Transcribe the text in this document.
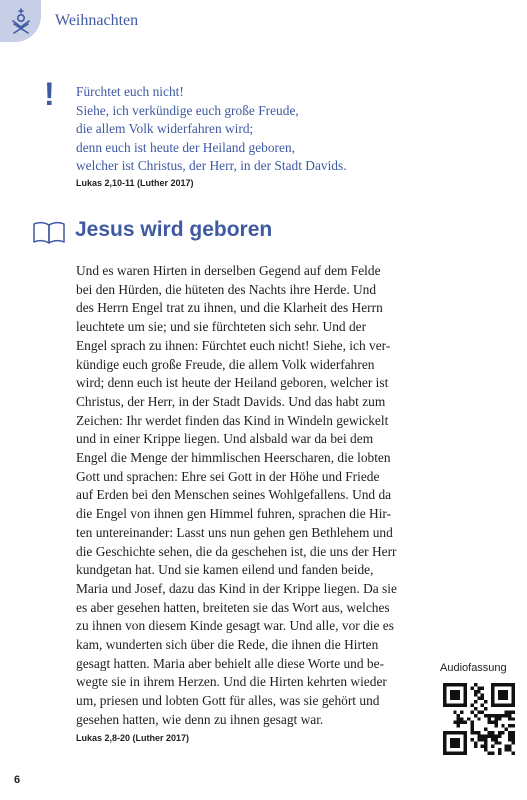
Weihnachten
! Fürchtet euch nicht!
Siehe, ich verkündige euch große Freude,
die allem Volk widerfahren wird;
denn euch ist heute der Heiland geboren,
welcher ist Christus, der Herr, in der Stadt Davids.
Lukas 2,10-11 (Luther 2017)
Jesus wird geboren
Und es waren Hirten in derselben Gegend auf dem Felde
bei den Hürden, die hüteten des Nachts ihre Herde. Und
des Herrn Engel trat zu ihnen, und die Klarheit des Herrn
leuchtete um sie; und sie fürchteten sich sehr. Und der
Engel sprach zu ihnen: Fürchtet euch nicht! Siehe, ich ver-
kündige euch große Freude, die allem Volk widerfahren
wird; denn euch ist heute der Heiland geboren, welcher ist
Christus, der Herr, in der Stadt Davids. Und das habt zum
Zeichen: Ihr werdet finden das Kind in Windeln gewickelt
und in einer Krippe liegen. Und alsbald war da bei dem
Engel die Menge der himmlischen Heerscharen, die lobten
Gott und sprachen: Ehre sei Gott in der Höhe und Friede
auf Erden bei den Menschen seines Wohlgefallens. Und da
die Engel von ihnen gen Himmel fuhren, sprachen die Hir-
ten untereinander: Lasst uns nun gehen gen Bethlehem und
die Geschichte sehen, die da geschehen ist, die uns der Herr
kundgetan hat. Und sie kamen eilend und fanden beide,
Maria und Josef, dazu das Kind in der Krippe liegen. Da sie
es aber gesehen hatten, breiteten sie das Wort aus, welches
zu ihnen von diesem Kinde gesagt war. Und alle, vor die es
kam, wunderten sich über die Rede, die ihnen die Hirten
gesagt hatten. Maria aber behielt alle diese Worte und be-
wegte sie in ihrem Herzen. Und die Hirten kehrten wieder
um, priesen und lobten Gott für alles, was sie gehört und
gesehen hatten, wie denn zu ihnen gesagt war.
Lukas 2,8-20 (Luther 2017)
Audiofassung
6
